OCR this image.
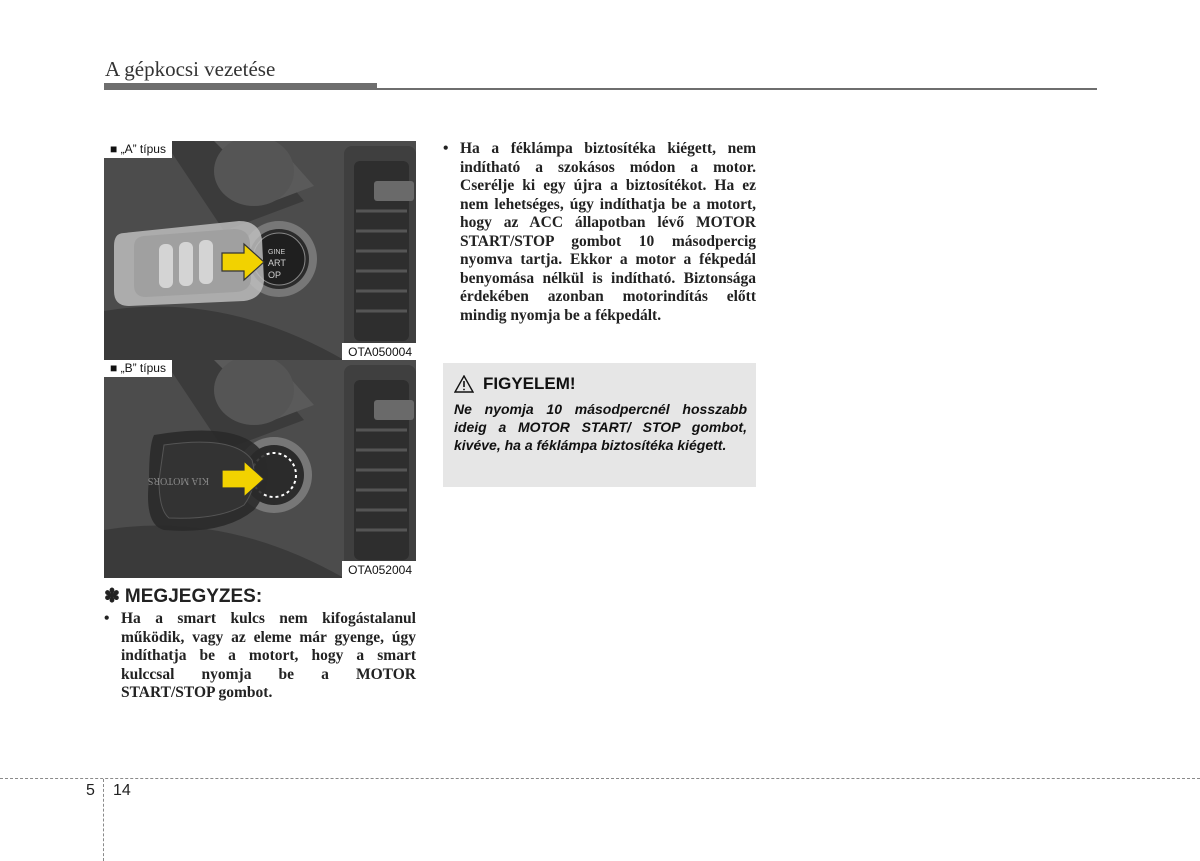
A gépkocsi vezetése
GINE
ART
OP
■ „A” típus
OTA050004
KIA MOTORS
■ „B” típus
OTA052004
✽ MEGJEGYZES:
• Ha a smart kulcs nem kifogástalanul működik, vagy az eleme már gyenge, úgy indíthatja be a motort, hogy a smart kulccsal nyomja be a MOTOR START/STOP gombot.
• Ha a féklámpa biztosítéka kiégett, nem indítható a szokásos módon a motor. Cserélje ki egy újra a biztosítékot. Ha ez nem lehetséges, úgy indíthatja be a motort, hogy az ACC állapotban lévő MOTOR START/STOP gombot 10 másodpercig nyomva tartja. Ekkor a motor a fékpedál benyomása nélkül is indítható. Biztonsága érdekében azonban motorindítás előtt mindig nyomja be a fékpedált.
FIGYELEM!
Ne nyomja 10 másodpercnél hosszabb ideig a MOTOR START/ STOP gombot, kivéve, ha a féklámpa biztosítéka kiégett.
5 14
